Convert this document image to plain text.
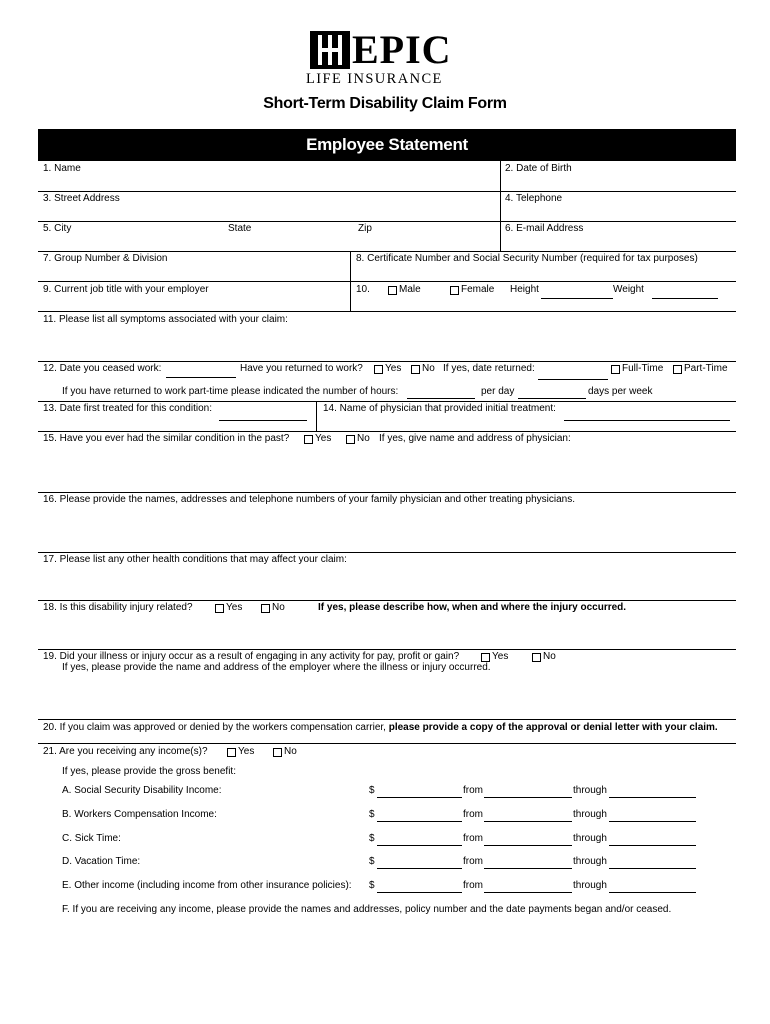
EPIC
LIFE INSURANCE
Short-Term Disability Claim Form
Employee Statement
1. Name	2. Date of Birth
3. Street Address	4. Telephone
5. City	State	Zip	6. E-mail Address
7. Group Number & Division	8. Certificate Number and Social Security Number (required for tax purposes)
9. Current job title with your employer	10.	Male	Female Height	Weight
11. Please list all symptoms associated with your claim:
12. Date you ceased work:	Have you returned to work? Yes No If yes, date returned:	Full-Time Part-Time
If you have returned to work part-time please indicated the number of hours:	per day	days per week
13. Date first treated for this condition:	14. Name of physician that provided initial treatment:
15. Have you ever had the similar condition in the past?	Yes	No If yes, give name and address of physician:
16. Please provide the names, addresses and telephone numbers of your family physician and other treating physicians.
17. Please list any other health conditions that may affect your claim:
18. Is this disability injury related?	Yes	No	If yes, please describe how, when and where the injury occurred.
19. Did your illness or injury occur as a result of engaging in any activity for pay, profit or gain?	Yes	No
If yes, please provide the name and address of the employer where the illness or injury occurred.
20. If you claim was approved or denied by the workers compensation carrier, please provide a copy of the approval or denial letter with your claim.
21. Are you receiving any income(s)?	Yes	No
If yes, please provide the gross benefit:
A. Social Security Disability Income:	$	from	through
B. Workers Compensation Income:	$	from	through
C. Sick Time:	$	from	through
D. Vacation Time:	$	from	through
E. Other income (including income from other insurance policies): $	from	through
F. If you are receiving any income, please provide the names and addresses, policy number and the date payments began and/or ceased.
